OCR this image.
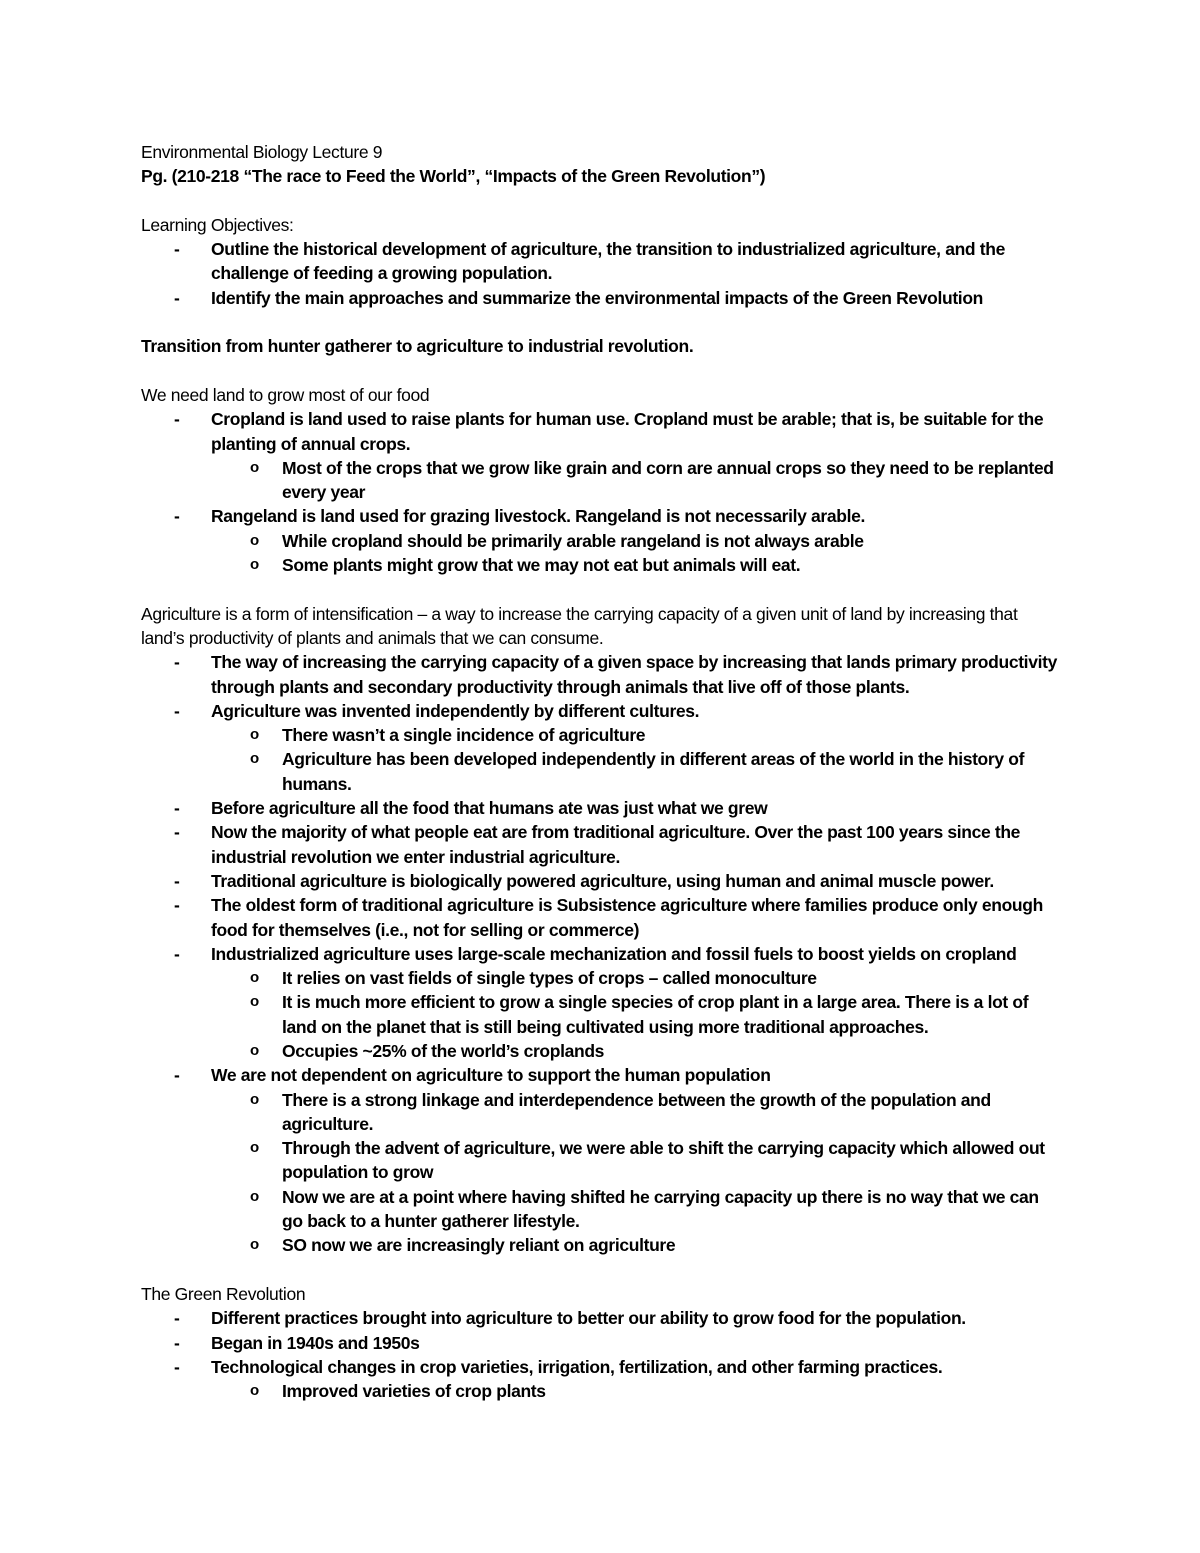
Environmental Biology Lecture 9

Pg. (210-218 “The race to Feed the World”, “Impacts of the Green Revolution”)

Learning Objectives:

- Outline the historical development of agriculture, the transition to industrialized agriculture, and the challenge of feeding a growing population.
- Identify the main approaches and summarize the environmental impacts of the Green Revolution

Transition from hunter gatherer to agriculture to industrial revolution.

We need land to grow most of our food

- Cropland is land used to raise plants for human use. Cropland must be arable; that is, be suitable for the planting of annual crops.
o Most of the crops that we grow like grain and corn are annual crops so they need to be replanted every year
- Rangeland is land used for grazing livestock. Rangeland is not necessarily arable.
o While cropland should be primarily arable rangeland is not always arable
o Some plants might grow that we may not eat but animals will eat.

Agriculture is a form of intensification – a way to increase the carrying capacity of a given unit of land by increasing that land’s productivity of plants and animals that we can consume.

- The way of increasing the carrying capacity of a given space by increasing that lands primary productivity through plants and secondary productivity through animals that live off of those plants.
- Agriculture was invented independently by different cultures.
o There wasn’t a single incidence of agriculture
o Agriculture has been developed independently in different areas of the world in the history of humans.
- Before agriculture all the food that humans ate was just what we grew
- Now the majority of what people eat are from traditional agriculture. Over the past 100 years since the industrial revolution we enter industrial agriculture.
- Traditional agriculture is biologically powered agriculture, using human and animal muscle power.
- The oldest form of traditional agriculture is Subsistence agriculture where families produce only enough food for themselves (i.e., not for selling or commerce)
- Industrialized agriculture uses large-scale mechanization and fossil fuels to boost yields on cropland
o It relies on vast fields of single types of crops – called monoculture
o It is much more efficient to grow a single species of crop plant in a large area. There is a lot of land on the planet that is still being cultivated using more traditional approaches.
o Occupies ~25% of the world’s croplands
- We are not dependent on agriculture to support the human population
o There is a strong linkage and interdependence between the growth of the population and agriculture.
o Through the advent of agriculture, we were able to shift the carrying capacity which allowed out population to grow
o Now we are at a point where having shifted he carrying capacity up there is no way that we can go back to a hunter gatherer lifestyle.
o SO now we are increasingly reliant on agriculture

The Green Revolution

- Different practices brought into agriculture to better our ability to grow food for the population.
- Began in 1940s and 1950s
- Technological changes in crop varieties, irrigation, fertilization, and other farming practices.
o Improved varieties of crop plants
